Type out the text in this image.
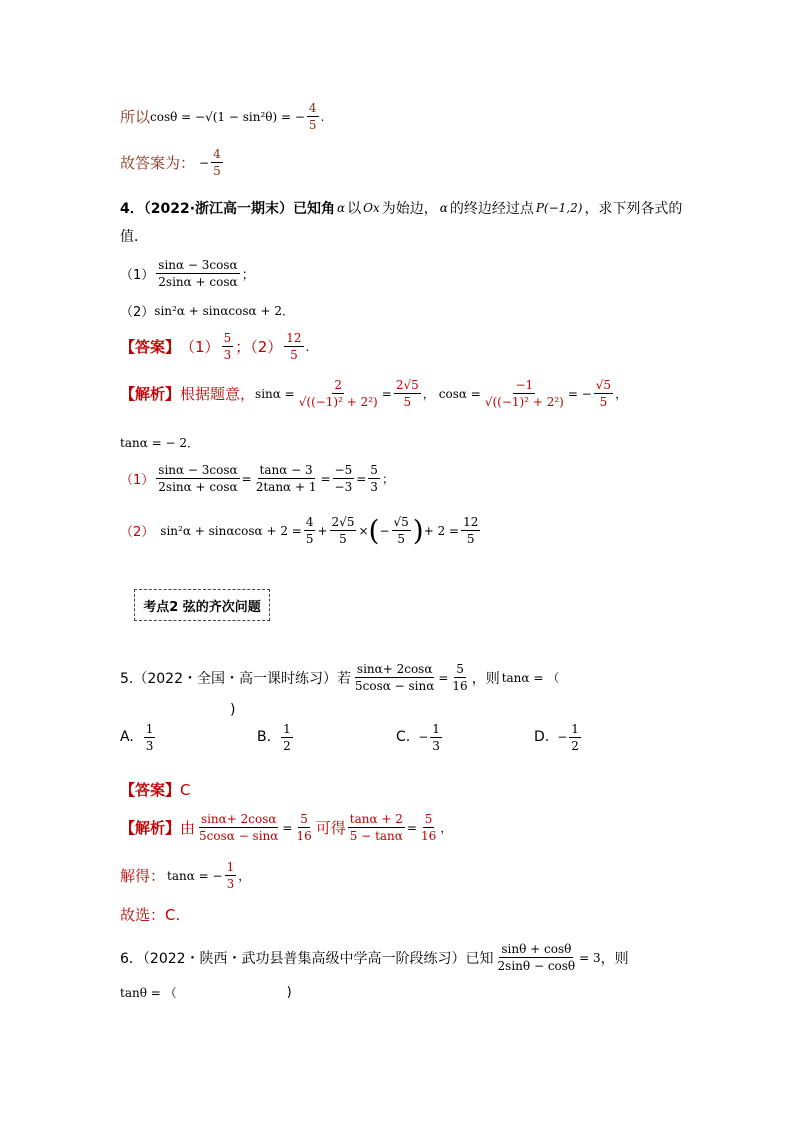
所以 cosθ = −√(1 − sin²θ) = − $\frac{4}{5}$ .
故答案为： − $\frac{4}{5}$
4．（2022·浙江高一期末）已知角 α 以 Ox 为始边， α 的终边经过点 P(−1,2) ，求下列各式的
值．
$(1) \frac{\sin\alpha - 3\cos\alpha}{2\sin\alpha + \cos\alpha}$ ；
（2） sin²α + sinαcosα + 2．
【答案】 $(1) \frac{5}{3}$ ；$(2) \frac{12}{5}$ .
【解析】 根据题意， $\sin\alpha = \frac{2}{\text{√((−1)² + 2²)}} = \frac{2√5}{5}$ ， $\cos\alpha = \frac{-1}{\text{√((−1)² + 2²)}}$ = − $\frac{√5}{5}$ ，
tanα = − 2．
$(1) \frac{\sin\alpha - 3\cos\alpha}{2\sin\alpha + \cos\alpha} = \frac{\tan\alpha - 3}{2\tan\alpha + 1} = \frac{-5}{-3} = \frac{5}{3}$ ；
（2） $\sin^2\alpha + \sin\alpha\cos\alpha + 2 = \frac{4}{5} + \frac{2√5}{5}$ × ( − $\frac{√5}{5}$ ) + $2 = \frac{12}{5}$
考点2 弦的齐次问题
5.（2022・全国・高一课时练习）若 $\frac{\sin\alpha+ 2\cos\alpha}{5\cos\alpha - \sin\alpha} = \frac{5}{16}$ ，则 tanα = （
)
A. $\frac{1}{3}$	B. $\frac{1}{2}$	C. − $\frac{1}{3}$	D. − $\frac{1}{2}$
【答案】 C
【解析】 由 $\frac{\sin\alpha+ 2\cos\alpha}{5\cos\alpha - \sin\alpha} = \frac{5}{16}$ 可得 $\frac{\tan\alpha + 2}{5 - \tan\alpha} = \frac{5}{16}$ ，
解得： tanα = − $\frac{1}{3}$ ，
故选：C.
6．（2022・陕西・武功县普集高级中学高一阶段练习）已知 $\frac{\sin\theta + \cos\theta}{2\sin\theta - \cos\theta} = 3$ ，则
tanθ = （	)
